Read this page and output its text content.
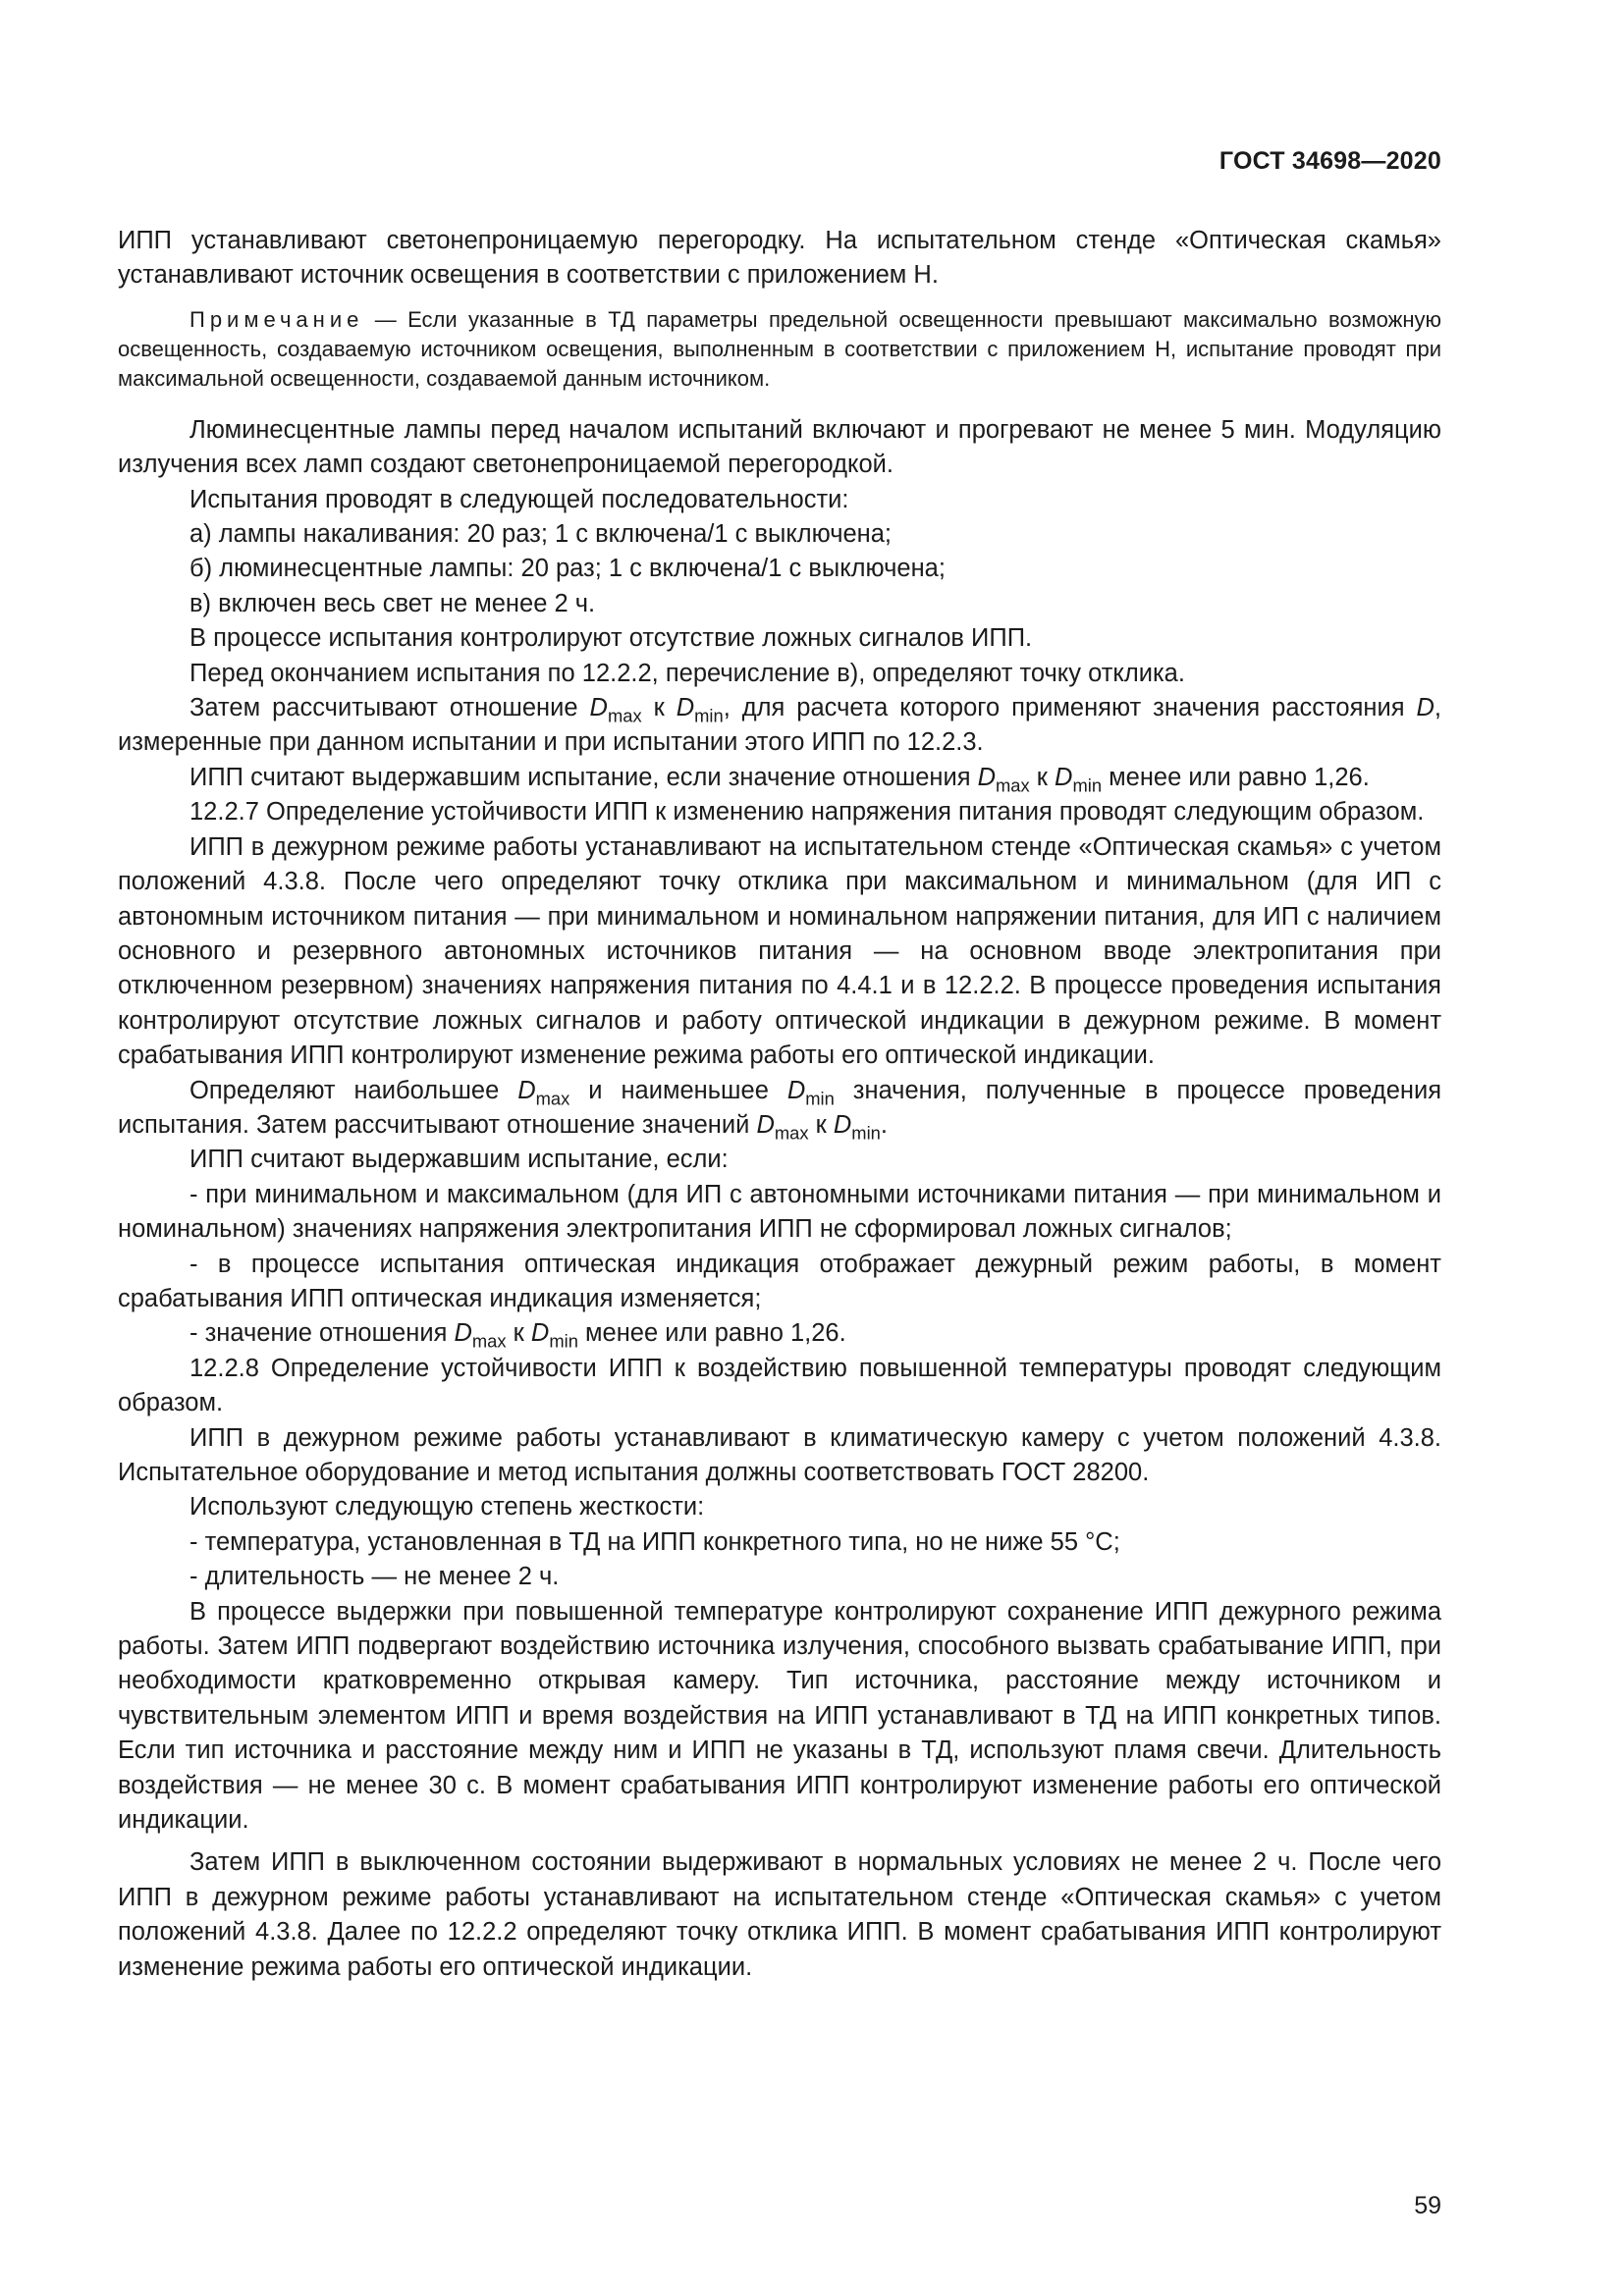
ГОСТ 34698—2020

ИПП устанавливают светонепроницаемую перегородку. На испытательном стенде «Оптическая скамья» устанавливают источник освещения в соответствии с приложением Н.

Примечание — Если указанные в ТД параметры предельной освещенности превышают максимально возможную освещенность, создаваемую источником освещения, выполненным в соответствии с приложением Н, испытание проводят при максимальной освещенности, создаваемой данным источником.

Люминесцентные лампы перед началом испытаний включают и прогревают не менее 5 мин. Модуляцию излучения всех ламп создают светонепроницаемой перегородкой.

Испытания проводят в следующей последовательности:

а) лампы накаливания: 20 раз; 1 с включена/1 с выключена;

б) люминесцентные лампы: 20 раз; 1 с включена/1 с выключена;

в) включен весь свет не менее 2 ч.

В процессе испытания контролируют отсутствие ложных сигналов ИПП.

Перед окончанием испытания по 12.2.2, перечисление в), определяют точку отклика.

Затем рассчитывают отношение $D_{max}$ к $D_{min}$, для расчета которого применяют значения расстояния D, измеренные при данном испытании и при испытании этого ИПП по 12.2.3.

ИПП считают выдержавшим испытание, если значение отношения $D_{max}$ к $D_{min}$ менее или равно 1,26.

12.2.7 Определение устойчивости ИПП к изменению напряжения питания проводят следующим образом.

ИПП в дежурном режиме работы устанавливают на испытательном стенде «Оптическая скамья» с учетом положений 4.3.8. После чего определяют точку отклика при максимальном и минимальном (для ИП с автономным источником питания — при минимальном и номинальном напряжении питания, для ИП с наличием основного и резервного автономных источников питания — на основном вводе электропитания при отключенном резервном) значениях напряжения питания по 4.4.1 и в 12.2.2. В процессе проведения испытания контролируют отсутствие ложных сигналов и работу оптической индикации в дежурном режиме. В момент срабатывания ИПП контролируют изменение режима работы его оптической индикации.

Определяют наибольшее $D_{max}$ и наименьшее $D_{min}$ значения, полученные в процессе проведения испытания. Затем рассчитывают отношение значений $D_{max}$ к $D_{min}$.

ИПП считают выдержавшим испытание, если:

- при минимальном и максимальном (для ИП с автономными источниками питания — при минимальном и номинальном) значениях напряжения электропитания ИПП не сформировал ложных сигналов;

- в процессе испытания оптическая индикация отображает дежурный режим работы, в момент срабатывания ИПП оптическая индикация изменяется;

- значение отношения $D_{max}$ к $D_{min}$ менее или равно 1,26.

12.2.8 Определение устойчивости ИПП к воздействию повышенной температуры проводят следующим образом.

ИПП в дежурном режиме работы устанавливают в климатическую камеру с учетом положений 4.3.8. Испытательное оборудование и метод испытания должны соответствовать ГОСТ 28200.

Используют следующую степень жесткости:

- температура, установленная в ТД на ИПП конкретного типа, но не ниже 55 °С;

- длительность — не менее 2 ч.

В процессе выдержки при повышенной температуре контролируют сохранение ИПП дежурного режима работы. Затем ИПП подвергают воздействию источника излучения, способного вызвать срабатывание ИПП, при необходимости кратковременно открывая камеру. Тип источника, расстояние между источником и чувствительным элементом ИПП и время воздействия на ИПП устанавливают в ТД на ИПП конкретных типов. Если тип источника и расстояние между ним и ИПП не указаны в ТД, используют пламя свечи. Длительность воздействия — не менее 30 с. В момент срабатывания ИПП контролируют изменение работы его оптической индикации.

Затем ИПП в выключенном состоянии выдерживают в нормальных условиях не менее 2 ч. После чего ИПП в дежурном режиме работы устанавливают на испытательном стенде «Оптическая скамья» с учетом положений 4.3.8. Далее по 12.2.2 определяют точку отклика ИПП. В момент срабатывания ИПП контролируют изменение режима работы его оптической индикации.

59
